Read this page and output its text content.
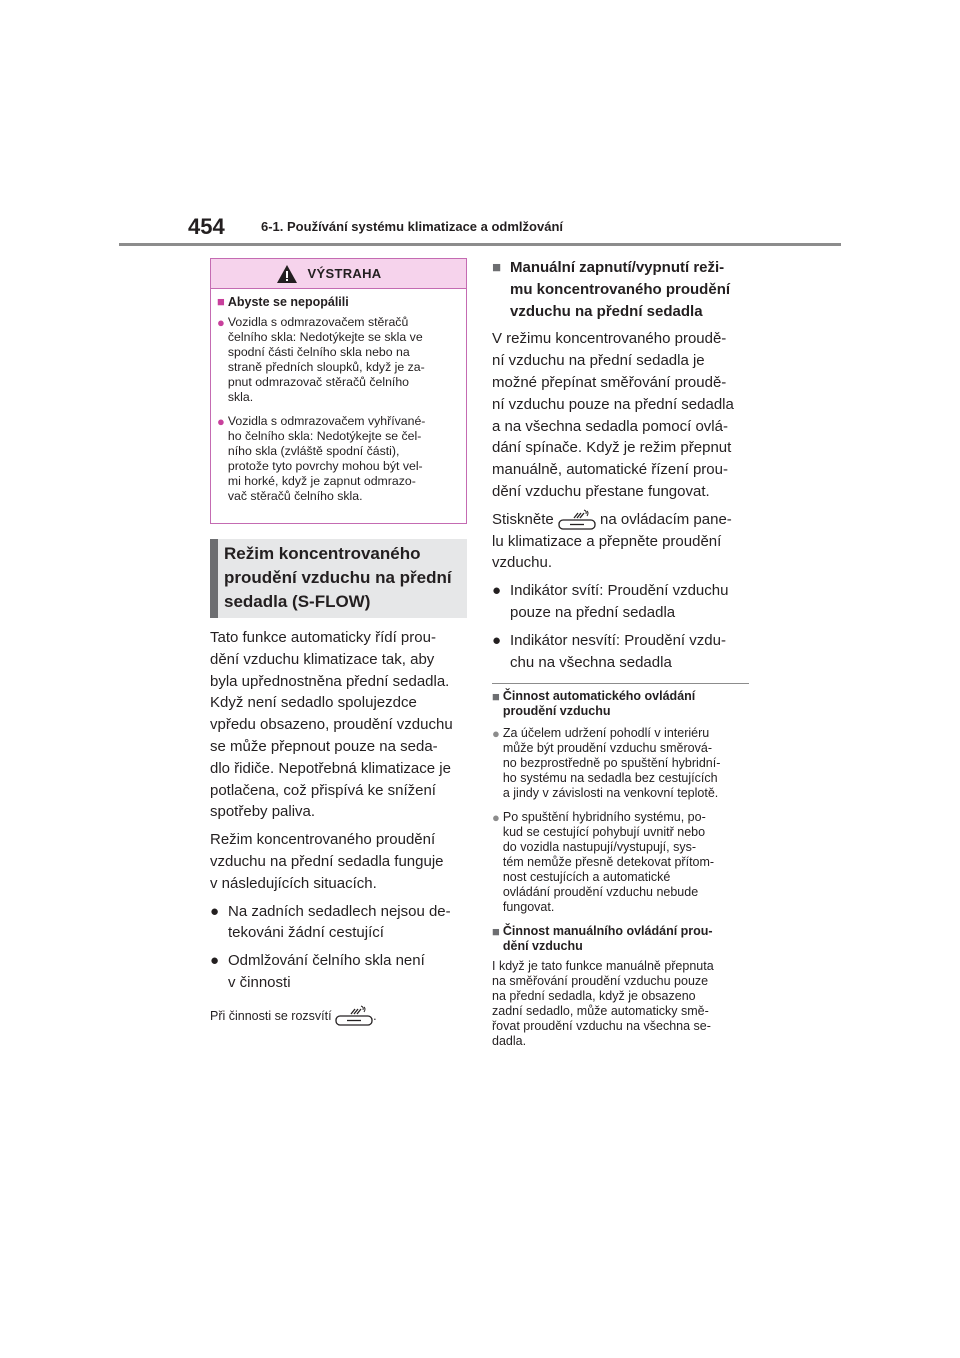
454	6-1. Používání systému klimatizace a odmlžování
VÝSTRAHA
■ Abyste se nepopálili
● Vozidla s odmrazovačem stěračů
čelního skla: Nedotýkejte se skla ve
spodní části čelního skla nebo na
straně předních sloupků, když je za-
pnut odmrazovač stěračů čelního
skla.
● Vozidla s odmrazovačem vyhřívané-
ho čelního skla: Nedotýkejte se čel-
ního skla (zvláště spodní části),
protože tyto povrchy mohou být vel-
mi horké, když je zapnut odmrazo-
vač stěračů čelního skla.
Režim koncentrovaného
proudění vzduchu na přední
sedadla (S-FLOW)

Tato funkce automaticky řídí prou-
dění vzduchu klimatizace tak, aby
byla upřednostněna přední sedadla.
Když není sedadlo spolujezdce
vpředu obsazeno, proudění vzduchu
se může přepnout pouze na seda-
dlo řidiče. Nepotřebná klimatizace je
potlačena, což přispívá ke snížení
spotřeby paliva.

Režim koncentrovaného proudění
vzduchu na přední sedadla funguje
v následujících situacích.

● Na zadních sedadlech nejsou de-
tekováni žádní cestující
● Odmlžování čelního skla není
v činnosti
Při činnosti se rozsvítí	.
■ Manuální zapnutí/vypnutí reži-
mu koncentrovaného proudění
vzduchu na přední sedadla

V režimu koncentrovaného proudě-
ní vzduchu na přední sedadla je
možné přepínat směřování proudě-
ní vzduchu pouze na přední sedadla
a na všechna sedadla pomocí ovlá-
dání spínače. Když je režim přepnut
manuálně, automatické řízení prou-
dění vzduchu přestane fungovat.

Stiskněte	na ovládacím pane-
lu klimatizace a přepněte proudění
vzduchu.

● Indikátor svítí: Proudění vzduchu
pouze na přední sedadla
● Indikátor nesvítí: Proudění vzdu-
chu na všechna sedadla
■ Činnost automatického ovládání
proudění vzduchu
● Za účelem udržení pohodlí v interiéru
může být proudění vzduchu směrová-
no bezprostředně po spuštění hybridní-
ho systému na sedadla bez cestujících
a jindy v závislosti na venkovní teplotě.
● Po spuštění hybridního systému, po-
kud se cestující pohybují uvnitř nebo
do vozidla nastupují/vystupují, sys-
tém nemůže přesně detekovat přítom-
nost cestujících a automatické
ovládání proudění vzduchu nebude
fungovat.
■ Činnost manuálního ovládání prou-
dění vzduchu
I když je tato funkce manuálně přepnuta
na směřování proudění vzduchu pouze
na přední sedadla, když je obsazeno
zadní sedadlo, může automaticky smě-
řovat proudění vzduchu na všechna se-
dadla.
